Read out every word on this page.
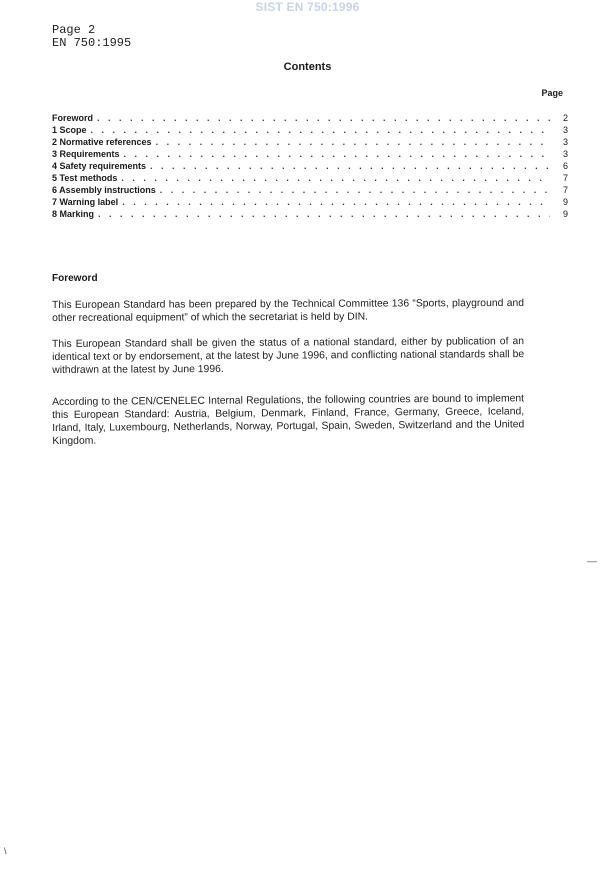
SIST EN 750:1996
Page 2
EN 750:1995
Contents
Page
Foreword . . .	2
1 Scope . . .	3
2 Normative references . . .	3
3 Requirements . . .	3
4 Safety requirements . . .	6
5 Test methods . . .	7
6 Assembly instructions . . .	7
7 Warning label . . .	9
8 Marking . . .	9
Foreword
This European Standard has been prepared by the Technical Committee 136 “Sports, playground and other recreational equipment” of which the secretariat is held by DIN.
This European Standard shall be given the status of a national standard, either by publication of an identical text or by endorsement, at the latest by June 1996, and conflicting national standards shall be withdrawn at the latest by June 1996.
According to the CEN/CENELEC Internal Regulations, the following countries are bound to implement this European Standard: Austria, Belgium, Denmark, Finland, France, Germany, Greece, Iceland, Irland, Italy, Luxembourg, Netherlands, Norway, Portugal, Spain, Sweden, Switzerland and the United Kingdom.
––
\
